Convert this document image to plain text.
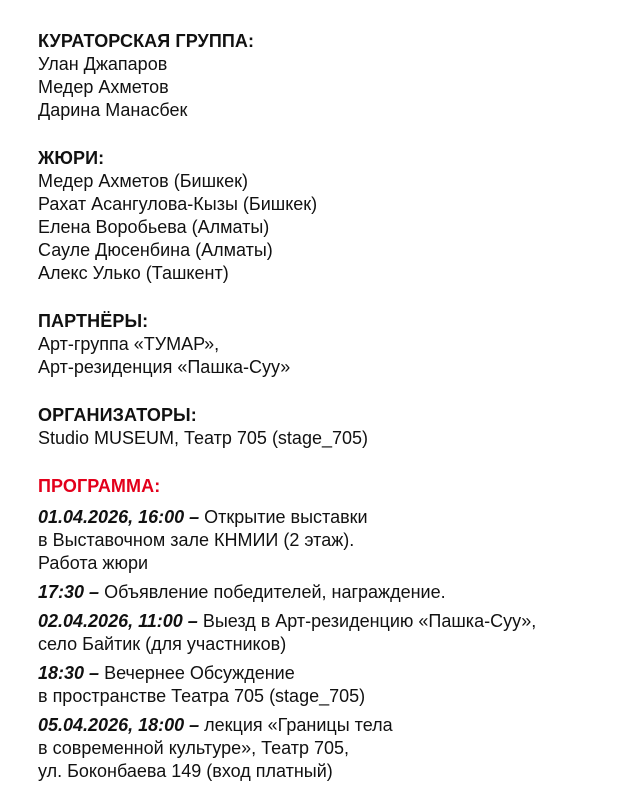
КУРАТОРСКАЯ ГРУППА:
Улан Джапаров
Медер Ахметов
Дарина Манасбек
ЖЮРИ:
Медер Ахметов (Бишкек)
Рахат Асангулова-Кызы (Бишкек)
Елена Воробьева (Алматы)
Сауле Дюсенбина (Алматы)
Алекс Улько (Ташкент)
ПАРТНЁРЫ:
Арт-группа «ТУМАР»,
Арт-резиденция «Пашка-Суу»
ОРГАНИЗАТОРЫ:
Studio MUSEUM, Театр 705 (stage_705)
ПРОГРАММА:
01.04.2026, 16:00 – Открытие выставки
в Выставочном зале КНМИИ (2 этаж).
Работа жюри
17:30 – Объявление победителей, награждение.
02.04.2026, 11:00 – Выезд в Арт-резиденцию «Пашка-Суу»,
село Байтик (для участников)
18:30 – Вечернее Обсуждение
в пространстве Театра 705 (stage_705)
05.04.2026, 18:00 – лекция «Границы тела
в современной культуре», Театр 705,
ул. Боконбаева 149 (вход платный)
